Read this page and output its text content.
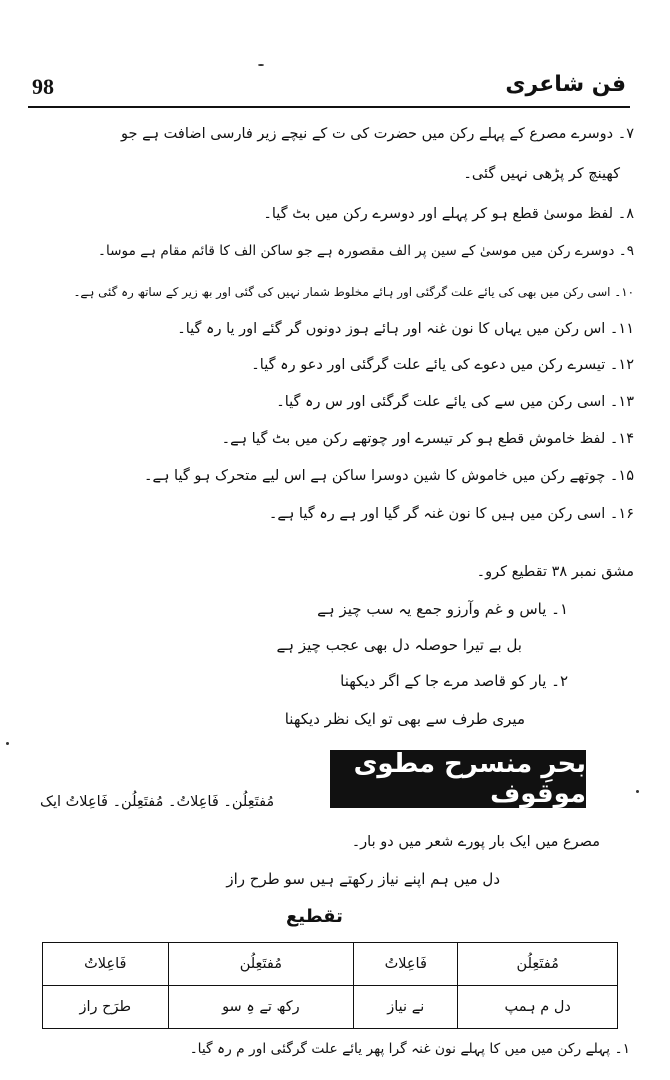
98	فن شاعری
۷۔ دوسرے مصرع کے پہلے رکن میں حضرت کی ت کے نیچے زیر فارسی اضافت ہے جو
کھینچ کر پڑھی نہیں گئی۔
۸۔ لفظ موسیٰ قطع ہو کر پہلے اور دوسرے رکن میں بٹ گیا۔
۹۔ دوسرے رکن میں موسیٰ کے سین پر الف مقصورہ ہے جو ساکن الف کا قائم مقام ہے موسا۔
۱۰۔ اسی رکن میں بھی کی یائے علت گرگئی اور ہائے مخلوط شمار نہیں کی گئی اور بھ زیر کے ساتھ رہ گئی ہے۔
۱۱۔ اس رکن میں یہاں کا نون غنہ اور ہائے ہوز دونوں گر گئے اور یا رہ گیا۔
۱۲۔ تیسرے رکن میں دعوے کی یائے علت گرگئی اور دعو رہ گیا۔
۱۳۔ اسی رکن میں سے کی یائے علت گرگئی اور س رہ گیا۔
۱۴۔ لفظ خاموش قطع ہو کر تیسرے اور چوتھے رکن میں بٹ گیا ہے۔
۱۵۔ چوتھے رکن میں خاموش کا شین دوسرا ساکن ہے اس لیے متحرک ہو گیا ہے۔
۱۶۔ اسی رکن میں ہیں کا نون غنہ گر گیا اور ہے رہ گیا ہے۔
مشق نمبر ۳۸ تقطیع کرو۔
۱۔ یاس و غم وآرزو جمع یہ سب چیز ہے
بل بے تیرا حوصلہ دل بھی عجب چیز ہے
۲۔ یار کو قاصد مرے جا کے اگر دیکھنا
میری طرف سے بھی تو ایک نظر دیکھنا
بحرِ منسرح مطوی موقوف
مُفتَعِلُن۔ فَاعِلاتُ۔ مُفتَعِلُن۔ فَاعِلاتُ ایک
مصرع میں ایک بار پورے شعر میں دو بار۔
دل میں ہم اپنے نیاز رکھتے ہیں سو طرح راز
تقطیع
مُفتَعِلُن	فَاعِلاتُ	مُفتَعِلُن	فَاعِلاتُ
دل م ہمپ	نے نیاز	رکھ تے ہِ سو	طرَح راز
۱۔ پہلے رکن میں میں کا پہلے نون غنہ گرا پھر یائے علت گرگئی اور م رہ گیا۔
